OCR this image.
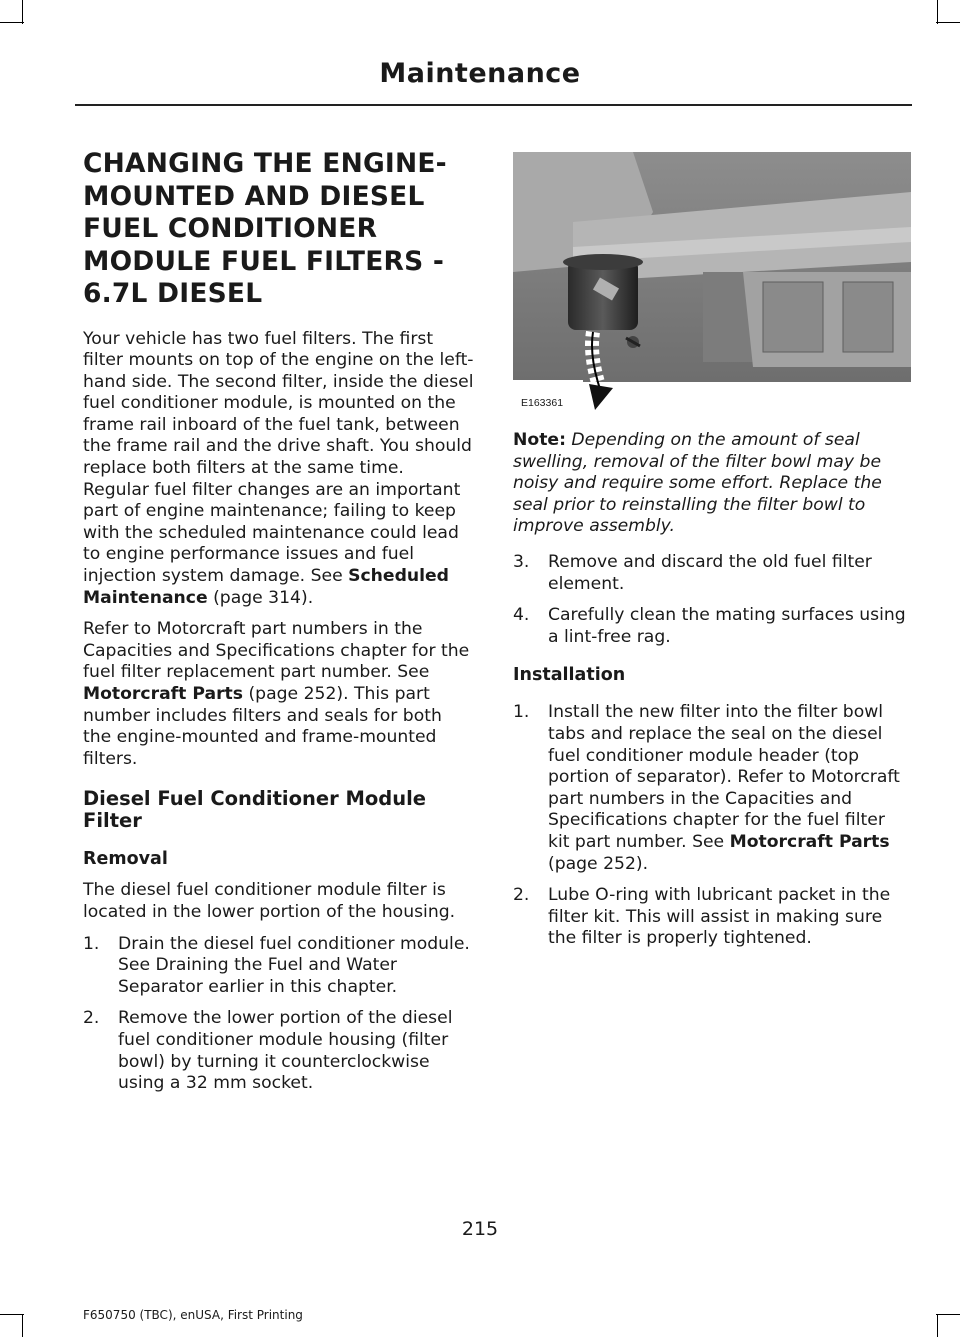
Maintenance
CHANGING THE ENGINE-MOUNTED AND DIESEL FUEL CONDITIONER MODULE FUEL FILTERS - 6.7L DIESEL

Your vehicle has two fuel filters. The first filter mounts on top of the engine on the left-hand side. The second filter, inside the diesel fuel conditioner module, is mounted on the frame rail inboard of the fuel tank, between the frame rail and the drive shaft. You should replace both filters at the same time. Regular fuel filter changes are an important part of engine maintenance; failing to keep with the scheduled maintenance could lead to engine performance issues and fuel injection system damage. See Scheduled Maintenance (page 314).

Refer to Motorcraft part numbers in the Capacities and Specifications chapter for the fuel filter replacement part number. See Motorcraft Parts (page 252). This part number includes filters and seals for both the engine-mounted and frame-mounted filters.

Diesel Fuel Conditioner Module Filter
Removal

The diesel fuel conditioner module filter is located in the lower portion of the housing.

1. Drain the diesel fuel conditioner module. See Draining the Fuel and Water Separator earlier in this chapter.
2. Remove the lower portion of the diesel fuel conditioner module housing (filter bowl) by turning it counterclockwise using a 32 mm socket.
E163361

Note: Depending on the amount of seal swelling, removal of the filter bowl may be noisy and require some effort. Replace the seal prior to reinstalling the filter bowl to improve assembly.

3. Remove and discard the old fuel filter element.
4. Carefully clean the mating surfaces using a lint-free rag.
Installation
1. Install the new filter into the filter bowl tabs and replace the seal on the diesel fuel conditioner module header (top portion of separator). Refer to Motorcraft part numbers in the Capacities and Specifications chapter for the fuel filter kit part number. See Motorcraft Parts (page 252).
2. Lube O-ring with lubricant packet in the filter kit. This will assist in making sure the filter is properly tightened.
215
F650750 (TBC), enUSA, First Printing
